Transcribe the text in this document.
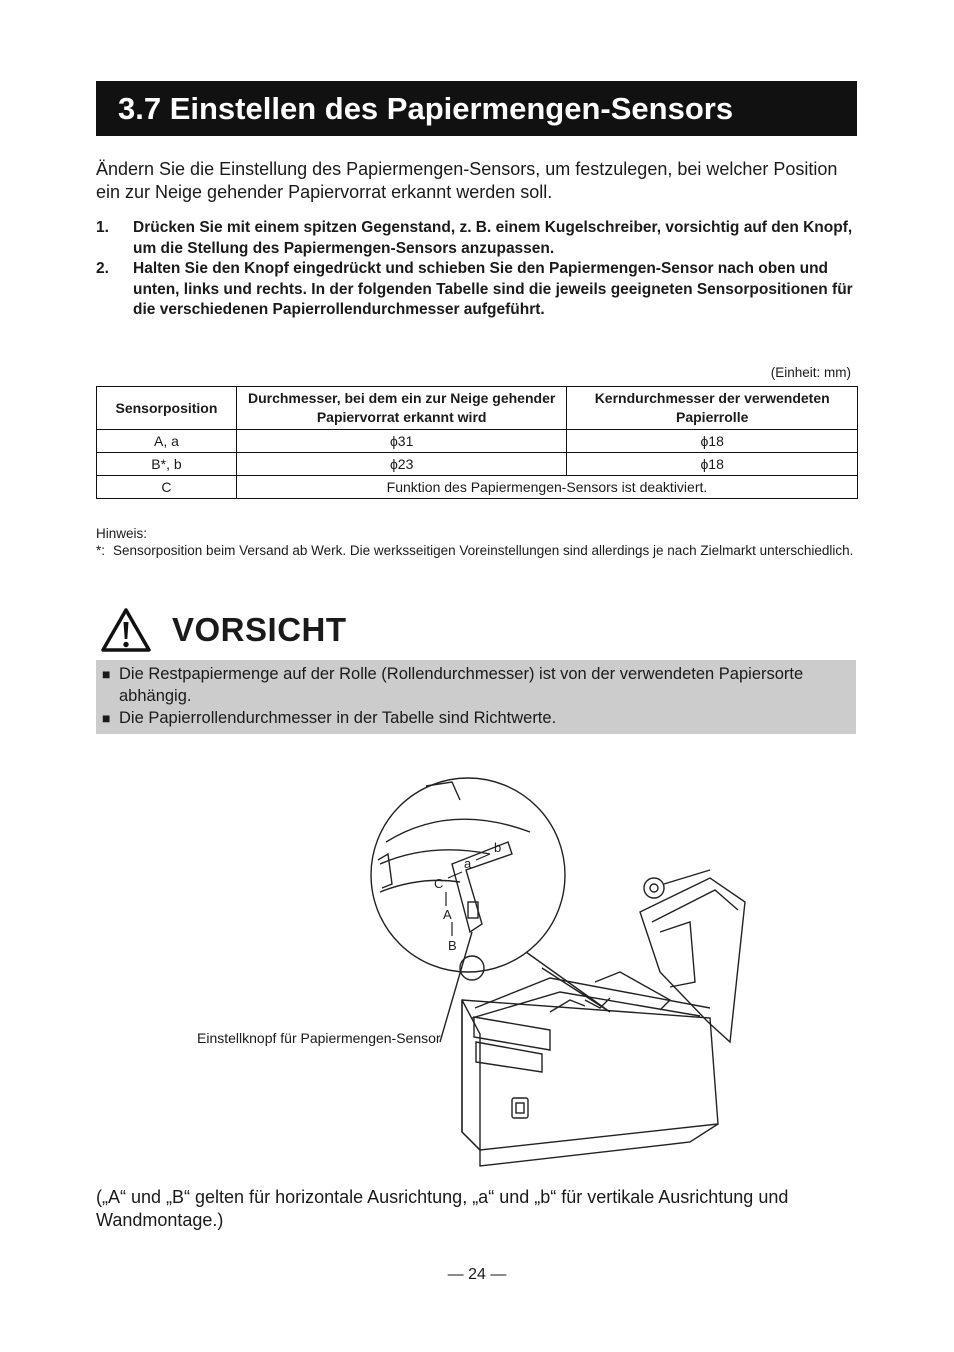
3.7 Einstellen des Papiermengen-Sensors
Ändern Sie die Einstellung des Papiermengen-Sensors, um festzulegen, bei welcher Position ein zur Neige gehender Papiervorrat erkannt werden soll.
1.	Drücken Sie mit einem spitzen Gegenstand, z. B. einem Kugelschreiber, vorsichtig auf den Knopf, um die Stellung des Papiermengen-Sensors anzupassen.
2.	Halten Sie den Knopf eingedrückt und schieben Sie den Papiermengen-Sensor nach oben und unten, links und rechts. In der folgenden Tabelle sind die jeweils geeigneten Sensorpositionen für die verschiedenen Papierrollendurchmesser aufgeführt.
(Einheit: mm)
Sensorposition	Durchmesser, bei dem ein zur Neige gehender Papiervorrat erkannt wird	Kerndurchmesser der verwendeten Papierrolle
A, a	ϕ31	ϕ18
B*, b	ϕ23	ϕ18
C	Funktion des Papiermengen-Sensors ist deaktiviert.	
Hinweis:
*: Sensorposition beim Versand ab Werk. Die werksseitigen Voreinstellungen sind allerdings je nach Zielmarkt unterschiedlich.
VORSICHT
■ Die Restpapiermenge auf der Rolle (Rollendurchmesser) ist von der verwendeten Papiersorte abhängig.
■ Die Papierrollendurchmesser in der Tabelle sind Richtwerte.
C
A
B
a
b
Einstellknopf für Papiermengen-Sensor
(„A“ und „B“ gelten für horizontale Ausrichtung, „a“ und „b“ für vertikale Ausrichtung und Wandmontage.)
— 24 —
